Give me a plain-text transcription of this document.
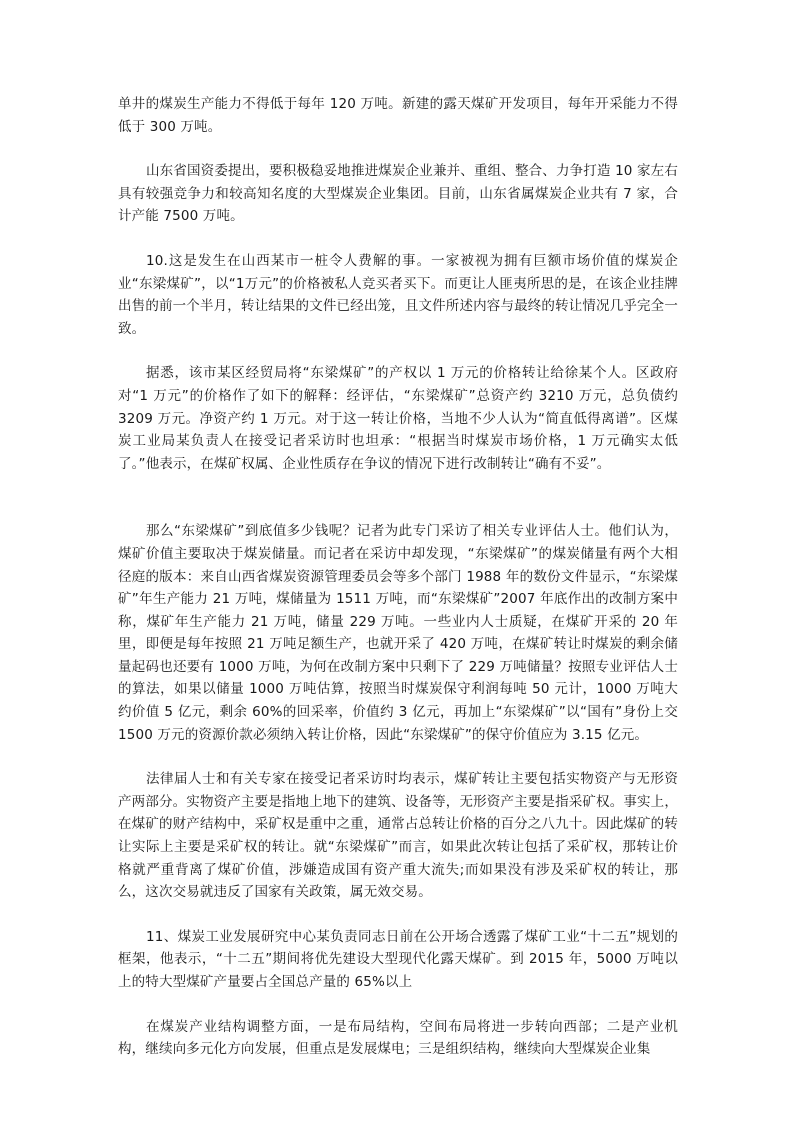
单井的煤炭生产能力不得低于每年 120 万吨。新建的露天煤矿开发项目，每年开采能力不得低于 300 万吨。

山东省国资委提出，要积极稳妥地推进煤炭企业兼并、重组、整合、力争打造 10 家左右具有较强竞争力和较高知名度的大型煤炭企业集团。目前，山东省属煤炭企业共有 7 家，合计产能 7500 万吨。

10.这是发生在山西某市一桩令人费解的事。一家被视为拥有巨额市场价值的煤炭企业“东梁煤矿”，以“1万元”的价格被私人竞买者买下。而更让人匪夷所思的是，在该企业挂牌出售的前一个半月，转让结果的文件已经出笼，且文件所述内容与最终的转让情况几乎完全一致。

据悉，该市某区经贸局将“东梁煤矿”的产权以 1 万元的价格转让给徐某个人。区政府对“1 万元”的价格作了如下的解释：经评估，“东梁煤矿”总资产约 3210 万元，总负债约 3209 万元。净资产约 1 万元。对于这一转让价格，当地不少人认为“简直低得离谱”。区煤炭工业局某负责人在接受记者采访时也坦承：“根据当时煤炭市场价格，1 万元确实太低了。”他表示，在煤矿权属、企业性质存在争议的情况下进行改制转让“确有不妥”。

那么“东梁煤矿”到底值多少钱呢？记者为此专门采访了相关专业评估人士。他们认为，煤矿价值主要取决于煤炭储量。而记者在采访中却发现，“东梁煤矿”的煤炭储量有两个大相径庭的版本：来自山西省煤炭资源管理委员会等多个部门 1988 年的数份文件显示，“东梁煤矿”年生产能力 21 万吨，煤储量为 1511 万吨，而“东梁煤矿”2007 年底作出的改制方案中称，煤矿年生产能力 21 万吨，储量 229 万吨。一些业内人士质疑，在煤矿开采的 20 年里，即便是每年按照 21 万吨足额生产，也就开采了 420 万吨，在煤矿转让时煤炭的剩余储量起码也还要有 1000 万吨，为何在改制方案中只剩下了 229 万吨储量？按照专业评估人士的算法，如果以储量 1000 万吨估算，按照当时煤炭保守利润每吨 50 元计，1000 万吨大约价值 5 亿元，剩余 60%的回采率，价值约 3 亿元，再加上“东梁煤矿”以“国有”身份上交 1500 万元的资源价款必须纳入转让价格，因此“东梁煤矿”的保守价值应为 3.15 亿元。

法律届人士和有关专家在接受记者采访时均表示，煤矿转让主要包括实物资产与无形资产两部分。实物资产主要是指地上地下的建筑、设备等，无形资产主要是指采矿权。事实上，在煤矿的财产结构中，采矿权是重中之重，通常占总转让价格的百分之八九十。因此煤矿的转让实际上主要是采矿权的转让。就“东梁煤矿”而言，如果此次转让包括了采矿权，那转让价格就严重背离了煤矿价值，涉嫌造成国有资产重大流失;而如果没有涉及采矿权的转让，那么，这次交易就违反了国家有关政策，属无效交易。

11、煤炭工业发展研究中心某负责同志日前在公开场合透露了煤矿工业“十二五”规划的框架，他表示，“十二五”期间将优先建设大型现代化露天煤矿。到 2015 年，5000 万吨以上的特大型煤矿产量要占全国总产量的 65%以上

在煤炭产业结构调整方面，一是布局结构，空间布局将进一步转向西部；二是产业机构，继续向多元化方向发展，但重点是发展煤电；三是组织结构，继续向大型煤炭企业集
